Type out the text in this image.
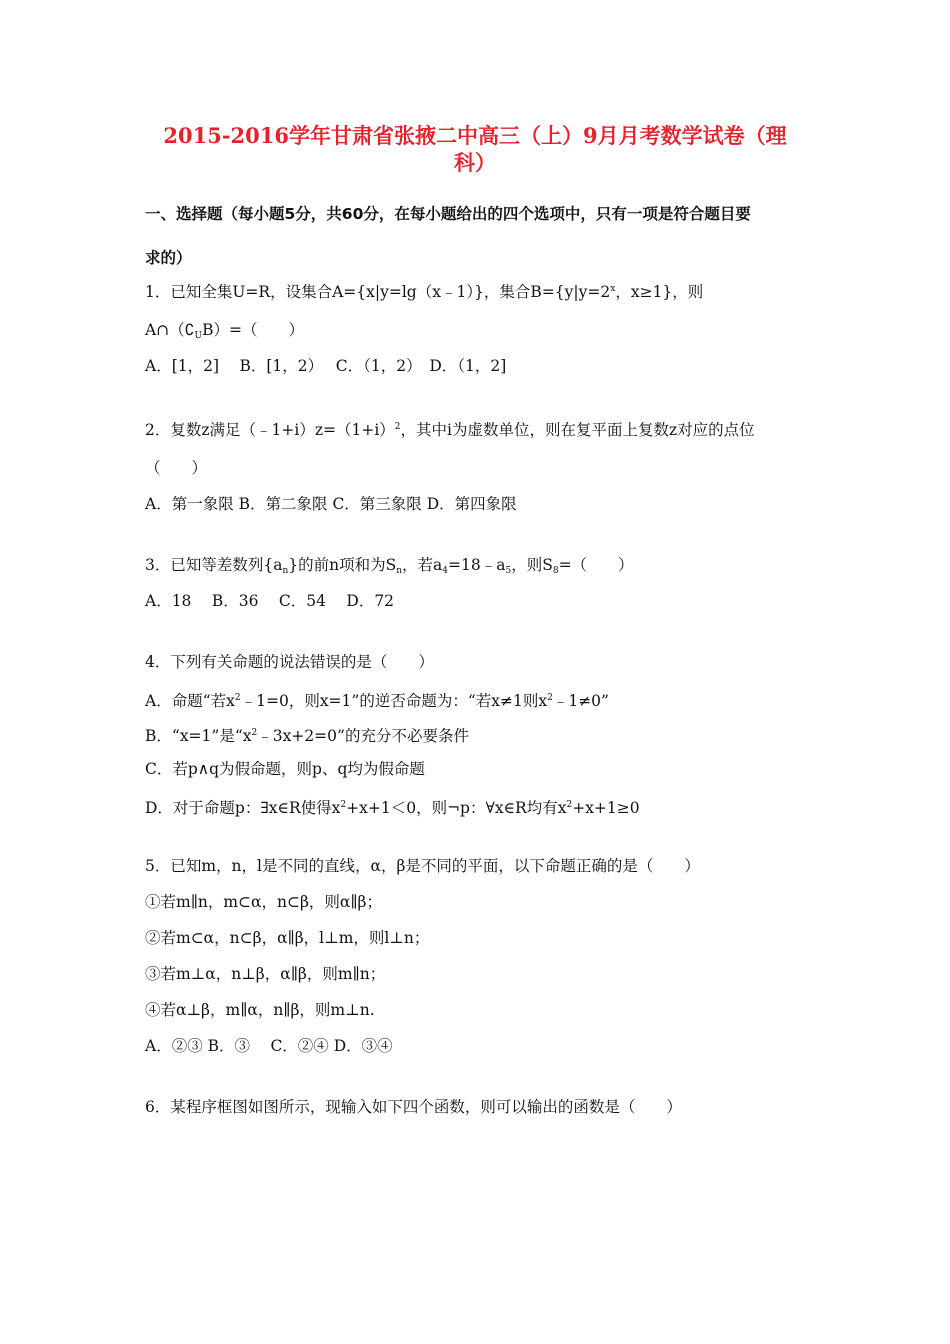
2015-2016学年甘肃省张掖二中高三（上）9月月考数学试卷（理
科）
一、选择题（每小题5分，共60分，在每小题给出的四个选项中，只有一项是符合题目要
求的）
1．已知全集U=R，设集合A={x|y=lg（x﹣1）}，集合$B=\{y|y=2^x$，x≥1}，则
$A\cap(∁_UB)=$（　　）
A．[1，2]　 B．[1，2）　 C．（1，2）　D．（1，2]
2．复数z满足$(﹣1+i)z=(1+i)^2$，其中i为虚数单位，则在复平面上复数z对应的点位
（　　）
A．第一象限 B．第二象限 C．第三象限 D．第四象限
3．已知等差数列$\{a_n\}$的前n项和为$S_n$，若$a_4=18﹣a_5$，则$S_8=$（　　）
A．18　 B．36　 C．54　 D．72
4．下列有关命题的说法错误的是（　　）
A．命题“若$x^2﹣1=0$，则x=1”的逆否命题为：“若x≠1则$x^2﹣1\ne 0$”
B．“x=1”是“$x^2﹣3x+2=0$”的充分不必要条件
C．若p∧q为假命题，则p、q均为假命题
D．对于命题p：∃x∈R使得$x^2+x+1<0$，则¬p：∀x∈R均有$x^2+x+1\ge 0$
5．已知m，n，l是不同的直线，α，β是不同的平面，以下命题正确的是（　　）
①若m∥n，m⊂α，n⊂β，则α∥β；
②若m⊂α，n⊂β，α∥β，l⊥m，则l⊥n；
③若m⊥α，n⊥β，α∥β，则m∥n；
④若α⊥β，m∥α，n∥β，则m⊥n.
A．②③ B．③　 C．②④ D．③④
6．某程序框图如图所示，现输入如下四个函数，则可以输出的函数是（　　）
